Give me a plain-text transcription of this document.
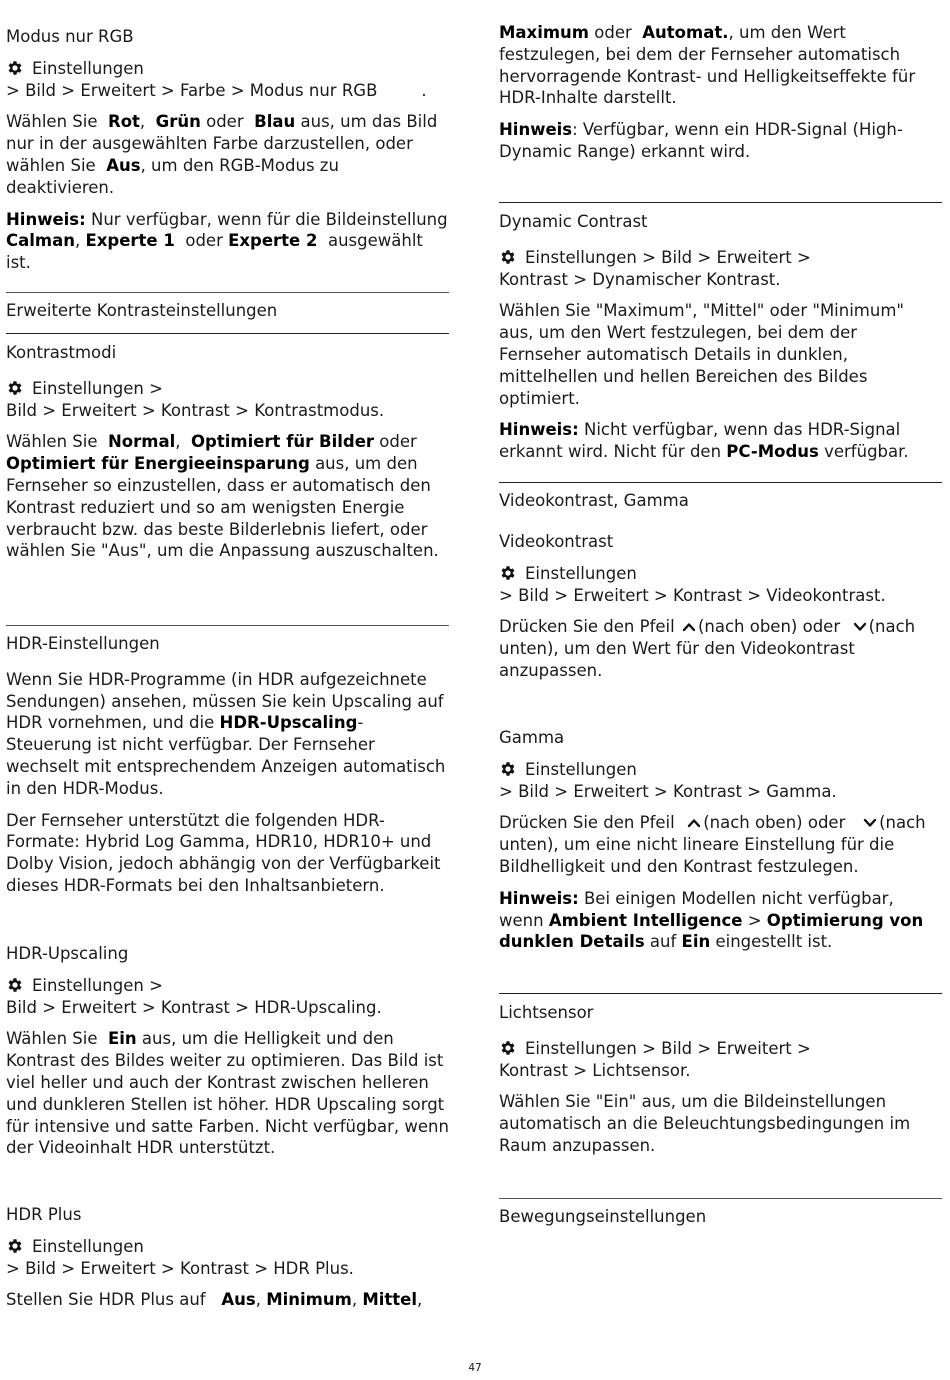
Modus nur RGB

Einstellungen
> Bild > Erweitert > Farbe > Modus nur RGB	.

Wählen Sie Rot, Grün oder Blau aus, um das Bild nur in der ausgewählten Farbe darzustellen, oder wählen Sie Aus, um den RGB-Modus zu deaktivieren.

Hinweis: Nur verfügbar, wenn für die Bildeinstellung Calman, Experte 1 oder Experte 2 ausgewählt ist.

Erweiterte Kontrasteinstellungen

Kontrastmodi

Einstellungen >
Bild > Erweitert > Kontrast > Kontrastmodus.

Wählen Sie Normal, Optimiert für Bilder oder   Optimiert für Energieeinsparung aus, um den Fernseher so einzustellen, dass er automatisch den Kontrast reduziert und so am wenigsten Energie verbraucht bzw. das beste Bilderlebnis liefert, oder wählen Sie "Aus", um die Anpassung auszuschalten.

HDR-Einstellungen

Wenn Sie HDR-Programme (in HDR aufgezeichnete Sendungen) ansehen, müssen Sie kein Upscaling auf HDR vornehmen, und die HDR-Upscaling-Steuerung ist nicht verfügbar. Der Fernseher wechselt mit entsprechendem Anzeigen automatisch in den HDR-Modus.

Der Fernseher unterstützt die folgenden HDR-Formate: Hybrid Log Gamma, HDR10, HDR10+ und Dolby Vision, jedoch abhängig von der Verfügbarkeit dieses HDR-Formats bei den Inhaltsanbietern.

HDR-Upscaling

Einstellungen >
Bild > Erweitert > Kontrast > HDR-Upscaling.

Wählen Sie Ein aus, um die Helligkeit und den Kontrast des Bildes weiter zu optimieren. Das Bild ist viel heller und auch der Kontrast zwischen helleren und dunkleren Stellen ist höher. HDR Upscaling sorgt für intensive und satte Farben. Nicht verfügbar, wenn der Videoinhalt HDR unterstützt.

HDR Plus

Einstellungen
> Bild > Erweitert > Kontrast > HDR Plus.

Stellen Sie HDR Plus auf Aus, Minimum, Mittel,

Maximum oder Automat., um den Wert festzulegen, bei dem der Fernseher automatisch hervorragende Kontrast- und Helligkeitseffekte für HDR-Inhalte darstellt.

Hinweis: Verfügbar, wenn ein HDR-Signal (High-Dynamic Range) erkannt wird.

Dynamic Contrast

Einstellungen > Bild > Erweitert >
Kontrast > Dynamischer Kontrast.

Wählen Sie "Maximum", "Mittel" oder "Minimum" aus, um den Wert festzulegen, bei dem der Fernseher automatisch Details in dunklen, mittelhellen und hellen Bereichen des Bildes optimiert.

Hinweis: Nicht verfügbar, wenn das HDR-Signal erkannt wird. Nicht für den PC-Modus verfügbar.

Videokontrast, Gamma

Videokontrast

Einstellungen
> Bild > Erweitert > Kontrast > Videokontrast.

Drücken Sie den Pfeil (nach oben) oder (nach unten), um den Wert für den Videokontrast anzupassen.

Gamma

Einstellungen
> Bild > Erweitert > Kontrast > Gamma.

Drücken Sie den Pfeil (nach oben) oder (nach unten), um eine nicht lineare Einstellung für die Bildhelligkeit und den Kontrast festzulegen.

Hinweis: Bei einigen Modellen nicht verfügbar, wenn Ambient Intelligence > Optimierung von dunklen Details auf Ein eingestellt ist.

Lichtsensor

Einstellungen > Bild > Erweitert >
Kontrast > Lichtsensor.

Wählen Sie "Ein" aus, um die Bildeinstellungen automatisch an die Beleuchtungsbedingungen im Raum anzupassen.

Bewegungseinstellungen

47
